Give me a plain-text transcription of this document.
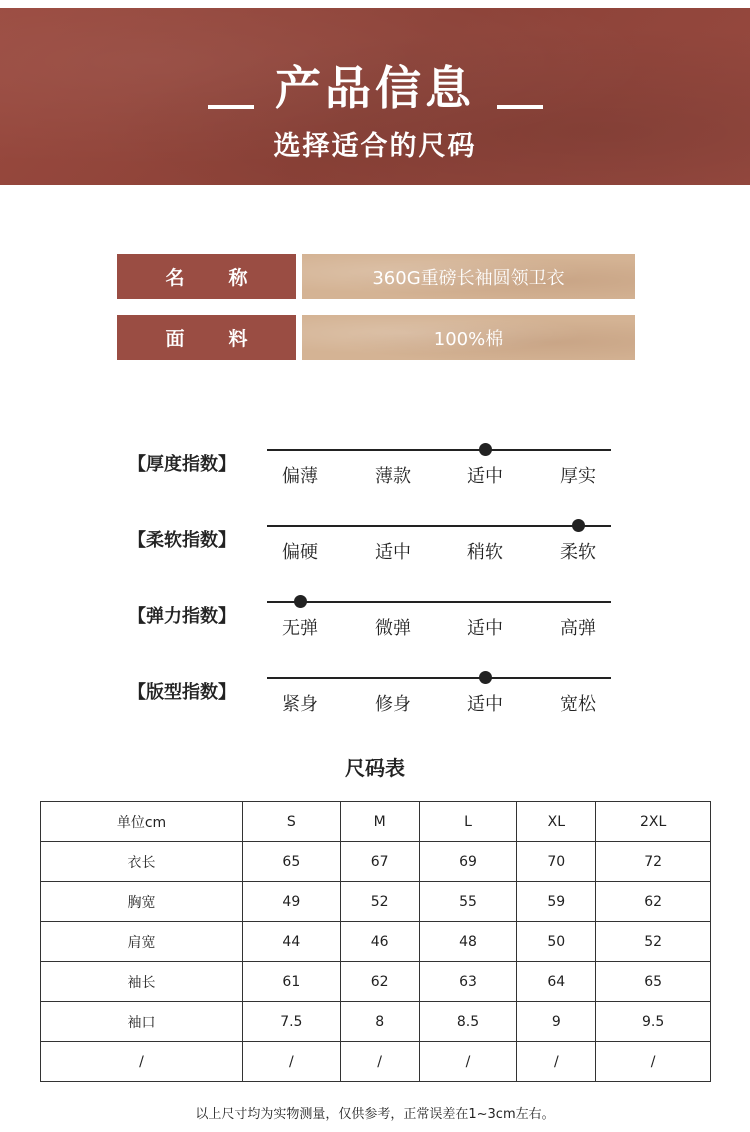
产品信息
选择适合的尺码
名 称	360G重磅长袖圆领卫衣
面 料	100%棉
【厚度指数】
偏薄	薄款	适中	厚实
【柔软指数】
偏硬	适中	稍软	柔软
【弹力指数】
无弹	微弹	适中	高弹
【版型指数】
紧身	修身	适中	宽松
尺码表
单位cm	S	M	L	XL	2XL
衣长	65	67	69	70	72
胸宽	49	52	55	59	62
肩宽	44	46	48	50	52
袖长	61	62	63	64	65
袖口	7.5	8	8.5	9	9.5
/	/	/	/	/	/
以上尺寸均为实物测量，仅供参考，正常误差在1~3cm左右。
